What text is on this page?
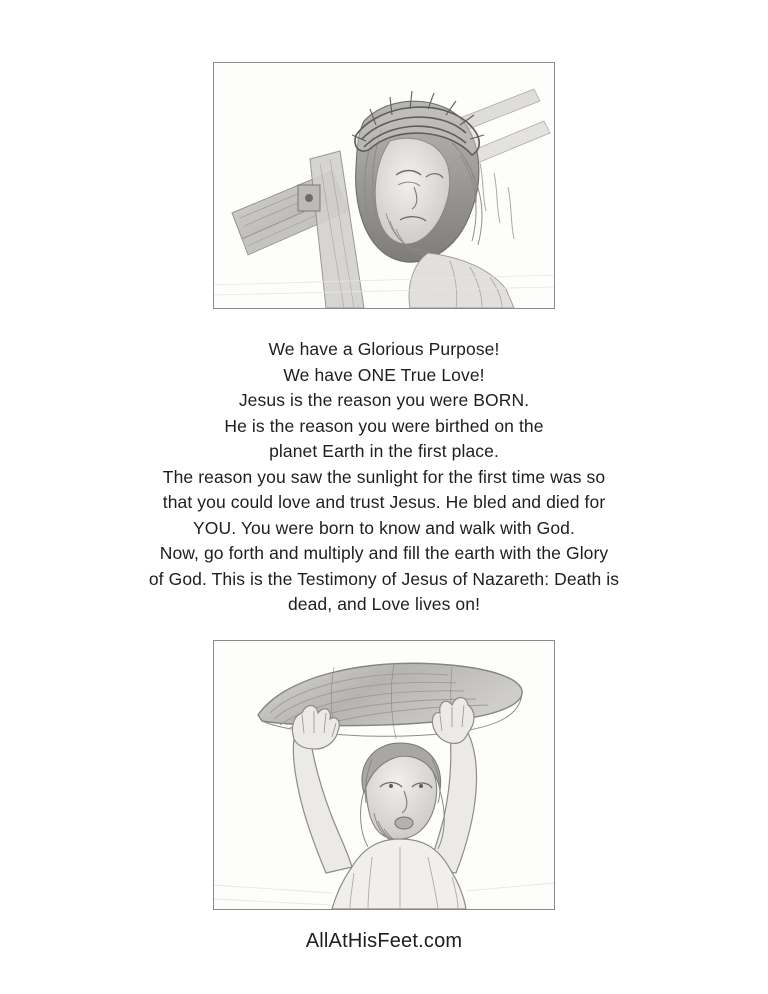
We have a Glorious Purpose!
We have ONE True Love!
Jesus is the reason you were BORN.
He is the reason you were birthed on the
planet Earth in the first place.
The reason you saw the sunlight for the first time was so
that you could love and trust Jesus. He bled and died for
YOU. You were born to know and walk with God.
Now, go forth and multiply and fill the earth with the Glory
of God. This is the Testimony of Jesus of Nazareth: Death is
dead, and Love lives on!
AllAtHisFeet.com
